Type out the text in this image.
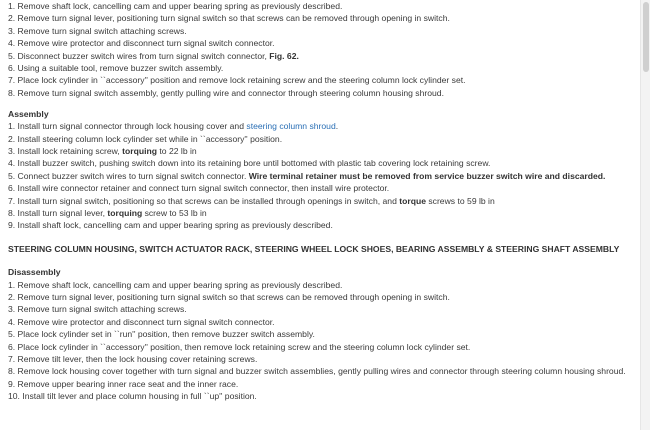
1. Remove shaft lock, cancelling cam and upper bearing spring as previously described.
2. Remove turn signal lever, positioning turn signal switch so that screws can be removed through opening in switch.
3. Remove turn signal switch attaching screws.
4. Remove wire protector and disconnect turn signal switch connector.
5. Disconnect buzzer switch wires from turn signal switch connector, Fig. 62.
6. Using a suitable tool, remove buzzer switch assembly.
7. Place lock cylinder in ``accessory'' position and remove lock retaining screw and the steering column lock cylinder set.
8. Remove turn signal switch assembly, gently pulling wire and connector through steering column housing shroud.
Assembly
1. Install turn signal connector through lock housing cover and steering column shroud.
2. Install steering column lock cylinder set while in ``accessory'' position.
3. Install lock retaining screw, torquing to 22 lb in
4. Install buzzer switch, pushing switch down into its retaining bore until bottomed with plastic tab covering lock retaining screw.
5. Connect buzzer switch wires to turn signal switch connector. Wire terminal retainer must be removed from service buzzer switch wire and discarded.
6. Install wire connector retainer and connect turn signal switch connector, then install wire protector.
7. Install turn signal switch, positioning so that screws can be installed through openings in switch, and torque screws to 59 lb in
8. Install turn signal lever, torquing screw to 53 lb in
9. Install shaft lock, cancelling cam and upper bearing spring as previously described.
STEERING COLUMN HOUSING, SWITCH ACTUATOR RACK, STEERING WHEEL LOCK SHOES, BEARING ASSEMBLY & STEERING SHAFT ASSEMBLY
Disassembly
1. Remove shaft lock, cancelling cam and upper bearing spring as previously described.
2. Remove turn signal lever, positioning turn signal switch so that screws can be removed through opening in switch.
3. Remove turn signal switch attaching screws.
4. Remove wire protector and disconnect turn signal switch connector.
5. Place lock cylinder set in ``run'' position, then remove buzzer switch assembly.
6. Place lock cylinder in ``accessory'' position, then remove lock retaining screw and the steering column lock cylinder set.
7. Remove tilt lever, then the lock housing cover retaining screws.
8. Remove lock housing cover together with turn signal and buzzer switch assemblies, gently pulling wires and connector through steering column housing shroud.
9. Remove upper bearing inner race seat and the inner race.
10. Install tilt lever and place column housing in full ``up'' position.
